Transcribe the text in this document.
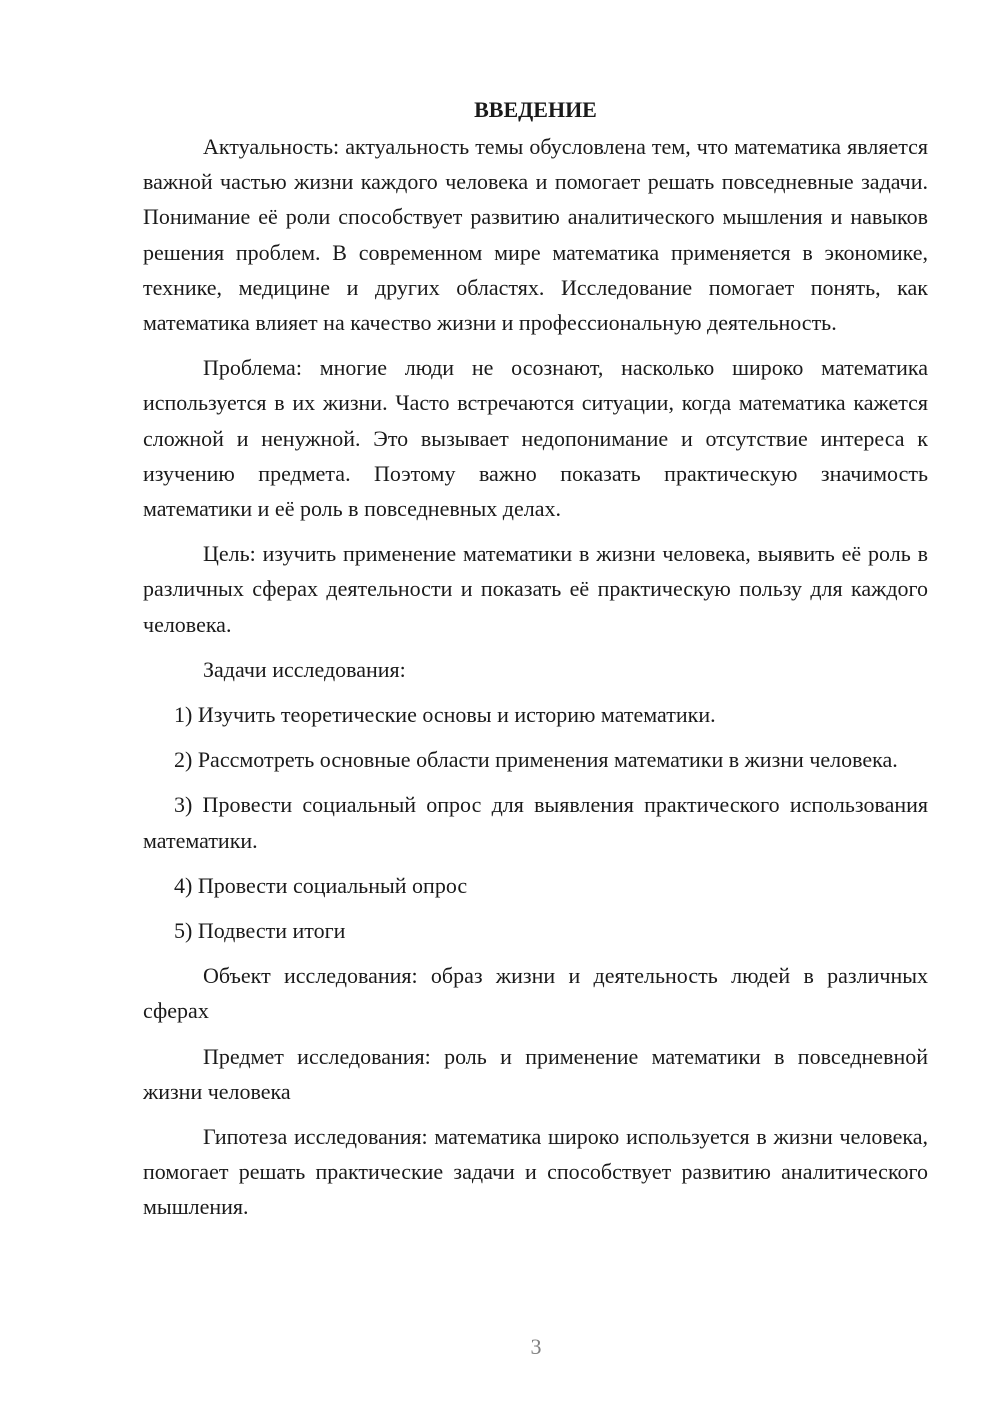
ВВЕДЕНИЕ
Актуальность: актуальность темы обусловлена тем, что математика является важной частью жизни каждого человека и помогает решать повседневные задачи. Понимание её роли способствует развитию аналитического мышления и навыков решения проблем. В современном мире математика применяется в экономике, технике, медицине и других областях. Исследование помогает понять, как математика влияет на качество жизни и профессиональную деятельность.
Проблема: многие люди не осознают, насколько широко математика используется в их жизни. Часто встречаются ситуации, когда математика кажется сложной и ненужной. Это вызывает недопонимание и отсутствие интереса к изучению предмета. Поэтому важно показать практическую значимость математики и её роль в повседневных делах.
Цель: изучить применение математики в жизни человека, выявить её роль в различных сферах деятельности и показать её практическую пользу для каждого человека.
Задачи исследования:
1) Изучить теоретические основы и историю математики.
2) Рассмотреть основные области применения математики в жизни человека.
3) Провести социальный опрос для выявления практического использования математики.
4) Провести социальный опрос
5) Подвести итоги
Объект исследования: образ жизни и деятельность людей в различных сферах
Предмет исследования: роль и применение математики в повседневной жизни человека
Гипотеза исследования: математика широко используется в жизни человека, помогает решать практические задачи и способствует развитию аналитического мышления.
3
